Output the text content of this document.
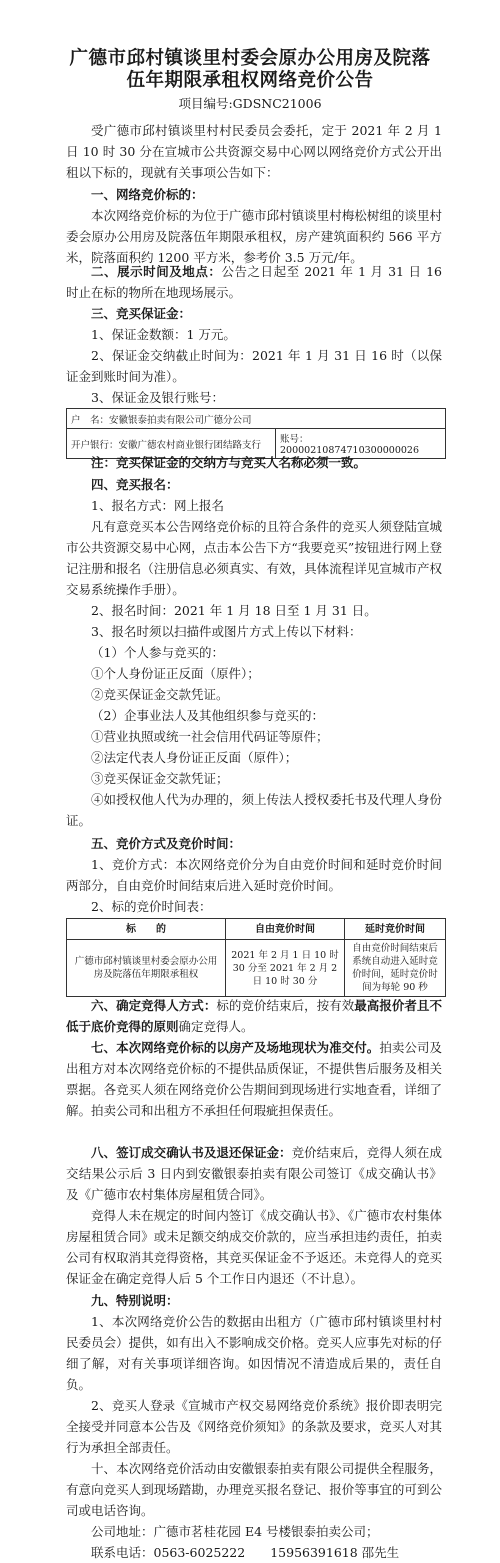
广德市邱村镇谈里村委会原办公用房及院落
伍年期限承租权网络竞价公告
项目编号:GDSNC21006
受广德市邱村镇谈里村村民委员会委托，定于 2021 年 2 月 1 日 10 时 30 分在宣城市公共资源交易中心网以网络竞价方式公开出租以下标的，现就有关事项公告如下：
一、网络竞价标的：
本次网络竞价标的为位于广德市邱村镇谈里村梅松树组的谈里村委会原办公用房及院落伍年期限承租权，房产建筑面积约 566 平方米，院落面积约 1200 平方米，参考价 3.5 万元/年。
二、展示时间及地点：公告之日起至 2021 年 1 月 31 日 16 时止在标的物所在地现场展示。
三、竞买保证金：
1、保证金数额：1 万元。
2、保证金交纳截止时间为：2021 年 1 月 31 日 16 时（以保证金到账时间为准）。
3、保证金及银行账号：
户　名：安徽银泰拍卖有限公司广德分公司
开户银行：安徽广德农村商业银行团结路支行	账号：20000210874710300000026
注：竞买保证金的交纳方与竞买人名称必须一致。
四、竞买报名：
1、报名方式：网上报名
凡有意竞买本公告网络竞价标的且符合条件的竞买人须登陆宣城市公共资源交易中心网，点击本公告下方“我要竞买”按钮进行网上登记注册和报名（注册信息必须真实、有效，具体流程详见宣城市产权交易系统操作手册）。
2、报名时间：2021 年 1 月 18 日至 1 月 31 日。
3、报名时须以扫描件或图片方式上传以下材料：
（1）个人参与竞买的：
①个人身份证正反面（原件）；
②竞买保证金交款凭证。
（2）企事业法人及其他组织参与竞买的：
①营业执照或统一社会信用代码证等原件；
②法定代表人身份证正反面（原件）；
③竞买保证金交款凭证；
④如授权他人代为办理的，须上传法人授权委托书及代理人身份证。
五、竞价方式及竞价时间：
1、竞价方式：本次网络竞价分为自由竞价时间和延时竞价时间两部分，自由竞价时间结束后进入延时竞价时间。
2、标的竞价时间表：
标　　的	自由竞价时间	延时竞价时间
广德市邱村镇谈里村委会原办公用房及院落伍年期限承租权	2021 年 2 月 1 日 10 时 30 分至 2021 年 2 月 2 日 10 时 30 分	自由竞价时间结束后系统自动进入延时竞价时间，延时竞价时间为每轮 90 秒
六、确定竞得人方式：标的竞价结束后，按有效最高报价者且不低于底价竞得的原则确定竞得人。
七、本次网络竞价标的以房产及场地现状为准交付。拍卖公司及出租方对本次网络竞价标的不提供品质保证，不提供售后服务及相关票据。各竞买人须在网络竞价公告期间到现场进行实地查看，详细了解。拍卖公司和出租方不承担任何瑕疵担保责任。
八、签订成交确认书及退还保证金：竞价结束后，竞得人须在成交结果公示后 3 日内到安徽银泰拍卖有限公司签订《成交确认书》及《广德市农村集体房屋租赁合同》。
竞得人未在规定的时间内签订《成交确认书》、《广德市农村集体房屋租赁合同》或未足额交纳成交价款的，应当承担违约责任，拍卖公司有权取消其竞得资格，其竞买保证金不予返还。未竞得人的竞买保证金在确定竞得人后 5 个工作日内退还（不计息）。
九、特别说明：
1、本次网络竞价公告的数据由出租方（广德市邱村镇谈里村村民委员会）提供，如有出入不影响成交价格。竞买人应事先对标的仔细了解，对有关事项详细咨询。如因情况不清造成后果的，责任自负。
2、竞买人登录《宣城市产权交易网络竞价系统》报价即表明完全接受并同意本公告及《网络竞价须知》的条款及要求，竞买人对其行为承担全部责任。
十、本次网络竞价活动由安徽银泰拍卖有限公司提供全程服务，有意向竞买人到现场踏勘，办理竞买报名登记、报价等事宜的可到公司或电话咨询。
公司地址：广德市茗桂花园 E4 号楼银泰拍卖公司；
联系电话：0563-6025222　　15956391618 邵先生
